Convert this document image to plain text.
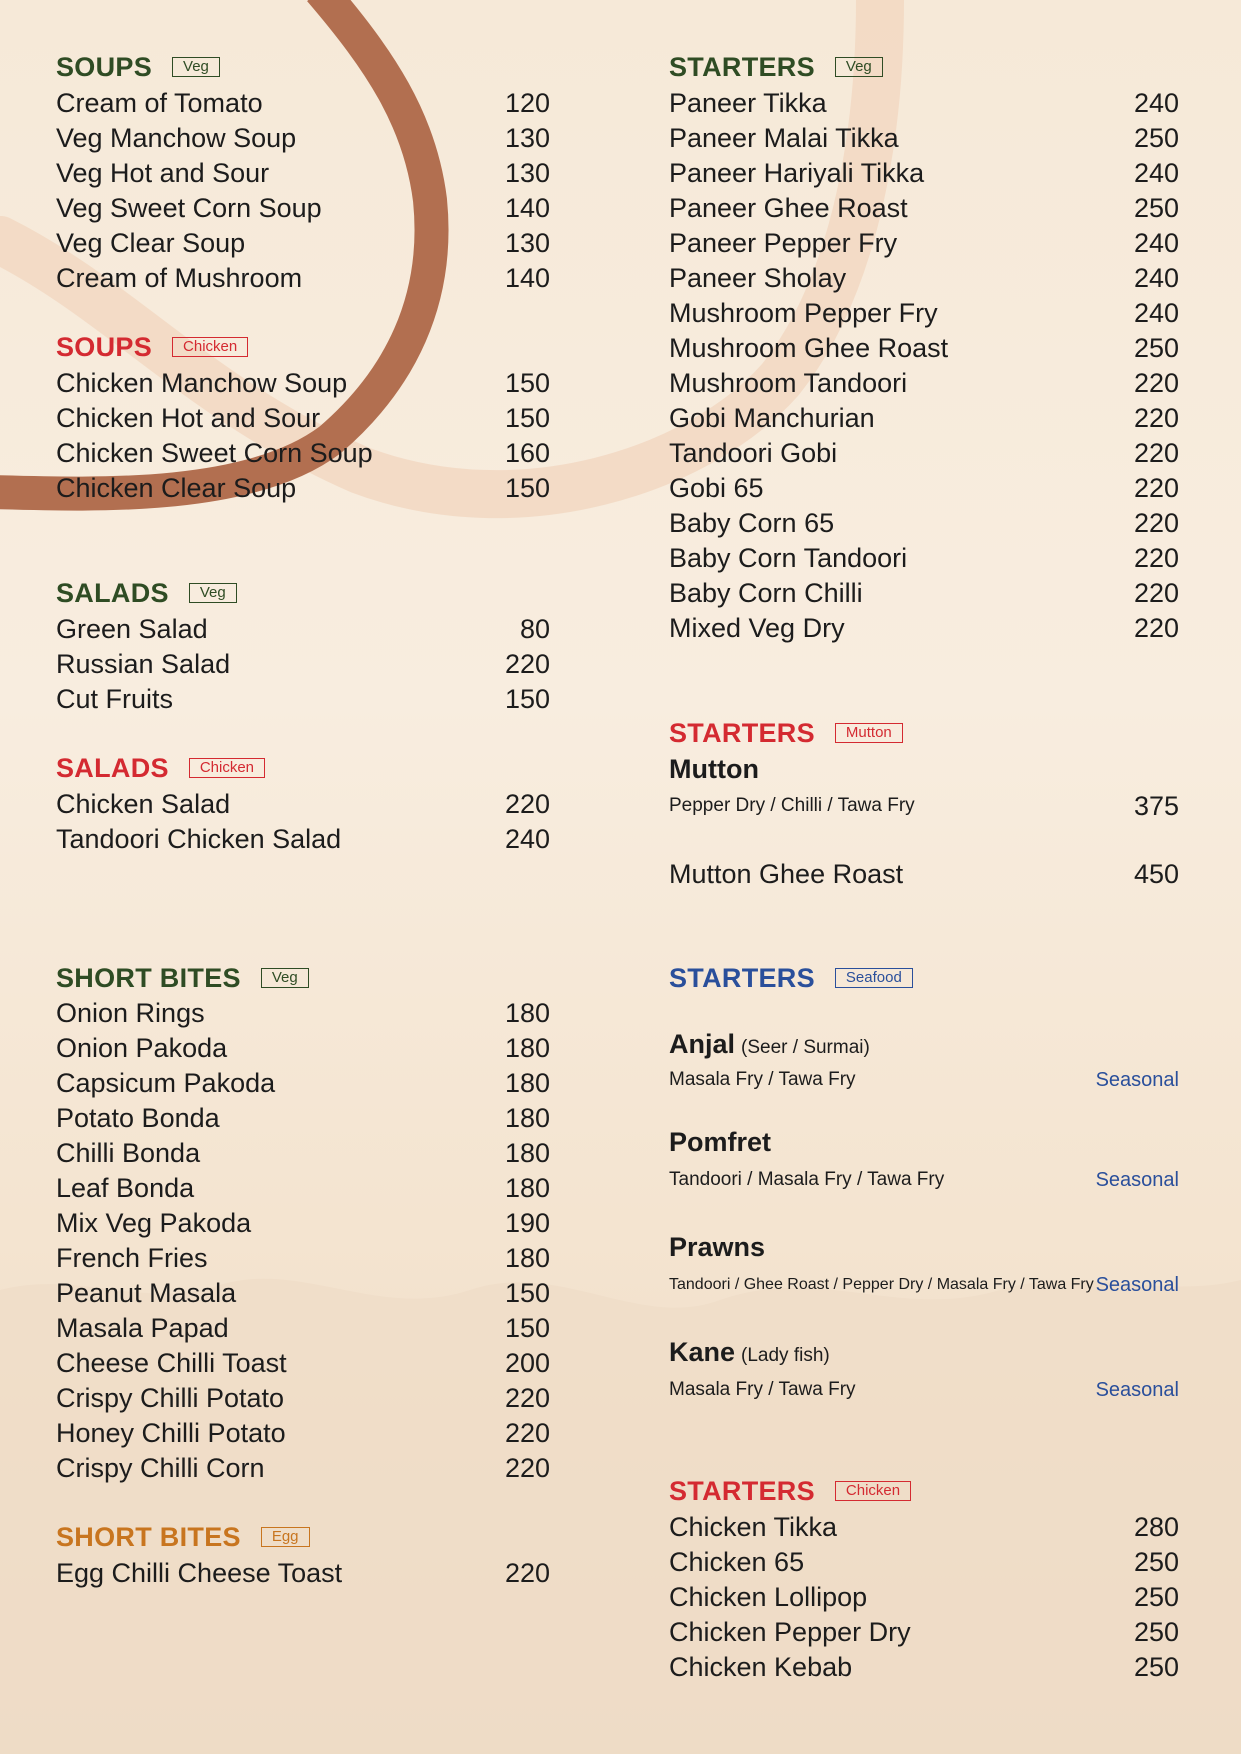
SOUPS	Veg
Cream of Tomato	120
Veg Manchow Soup	130
Veg Hot and Sour	130
Veg Sweet Corn Soup	140
Veg Clear Soup	130
Cream of Mushroom	140
SOUPS	Chicken
Chicken Manchow Soup	150
Chicken Hot and Sour	150
Chicken Sweet Corn Soup	160
Chicken Clear Soup	150
SALADS	Veg
Green Salad	80
Russian Salad	220
Cut Fruits	150
SALADS	Chicken
Chicken Salad	220
Tandoori Chicken Salad	240
SHORT BITES	Veg
Onion Rings	180
Onion Pakoda	180
Capsicum Pakoda	180
Potato Bonda	180
Chilli Bonda	180
Leaf Bonda	180
Mix Veg Pakoda	190
French Fries	180
Peanut Masala	150
Masala Papad	150
Cheese Chilli Toast	200
Crispy Chilli Potato	220
Honey Chilli Potato	220
Crispy Chilli Corn	220
SHORT BITES	Egg
Egg Chilli Cheese Toast	220
STARTERS	Veg
Paneer Tikka	240
Paneer Malai Tikka	250
Paneer Hariyali Tikka	240
Paneer Ghee Roast	250
Paneer Pepper Fry	240
Paneer Sholay	240
Mushroom Pepper Fry	240
Mushroom Ghee Roast	250
Mushroom Tandoori	220
Gobi Manchurian	220
Tandoori Gobi	220
Gobi 65	220
Baby Corn 65	220
Baby Corn Tandoori	220
Baby Corn Chilli	220
Mixed Veg Dry	220
STARTERS	Mutton
Mutton
Pepper Dry / Chilli / Tawa Fry	375
Mutton Ghee Roast	450
STARTERS	Seafood
Anjal (Seer / Surmai)
Masala Fry / Tawa Fry	Seasonal
Pomfret
Tandoori / Masala Fry / Tawa Fry	Seasonal
Prawns
Tandoori / Ghee Roast / Pepper Dry / Masala Fry / Tawa Fry Seasonal
Kane (Lady fish)
Masala Fry / Tawa Fry	Seasonal
STARTERS	Chicken
Chicken Tikka	280
Chicken 65	250
Chicken Lollipop	250
Chicken Pepper Dry	250
Chicken Kebab	250
